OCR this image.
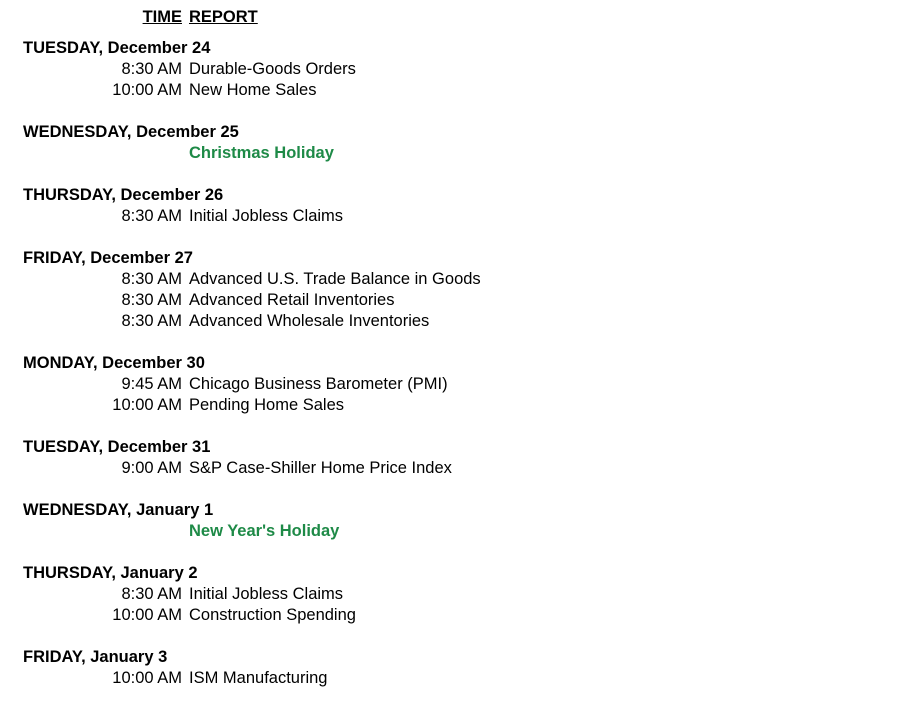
TIME REPORT
TUESDAY, December 24
8:30 AM Durable-Goods Orders
10:00 AM New Home Sales
WEDNESDAY, December 25
Christmas Holiday
THURSDAY, December 26
8:30 AM Initial Jobless Claims
FRIDAY, December 27
8:30 AM Advanced U.S. Trade Balance in Goods
8:30 AM Advanced Retail Inventories
8:30 AM Advanced Wholesale Inventories
MONDAY, December 30
9:45 AM Chicago Business Barometer (PMI)
10:00 AM Pending Home Sales
TUESDAY, December 31
9:00 AM S&P Case-Shiller Home Price Index
WEDNESDAY, January 1
New Year's Holiday
THURSDAY, January 2
8:30 AM Initial Jobless Claims
10:00 AM Construction Spending
FRIDAY, January 3
10:00 AM ISM Manufacturing
